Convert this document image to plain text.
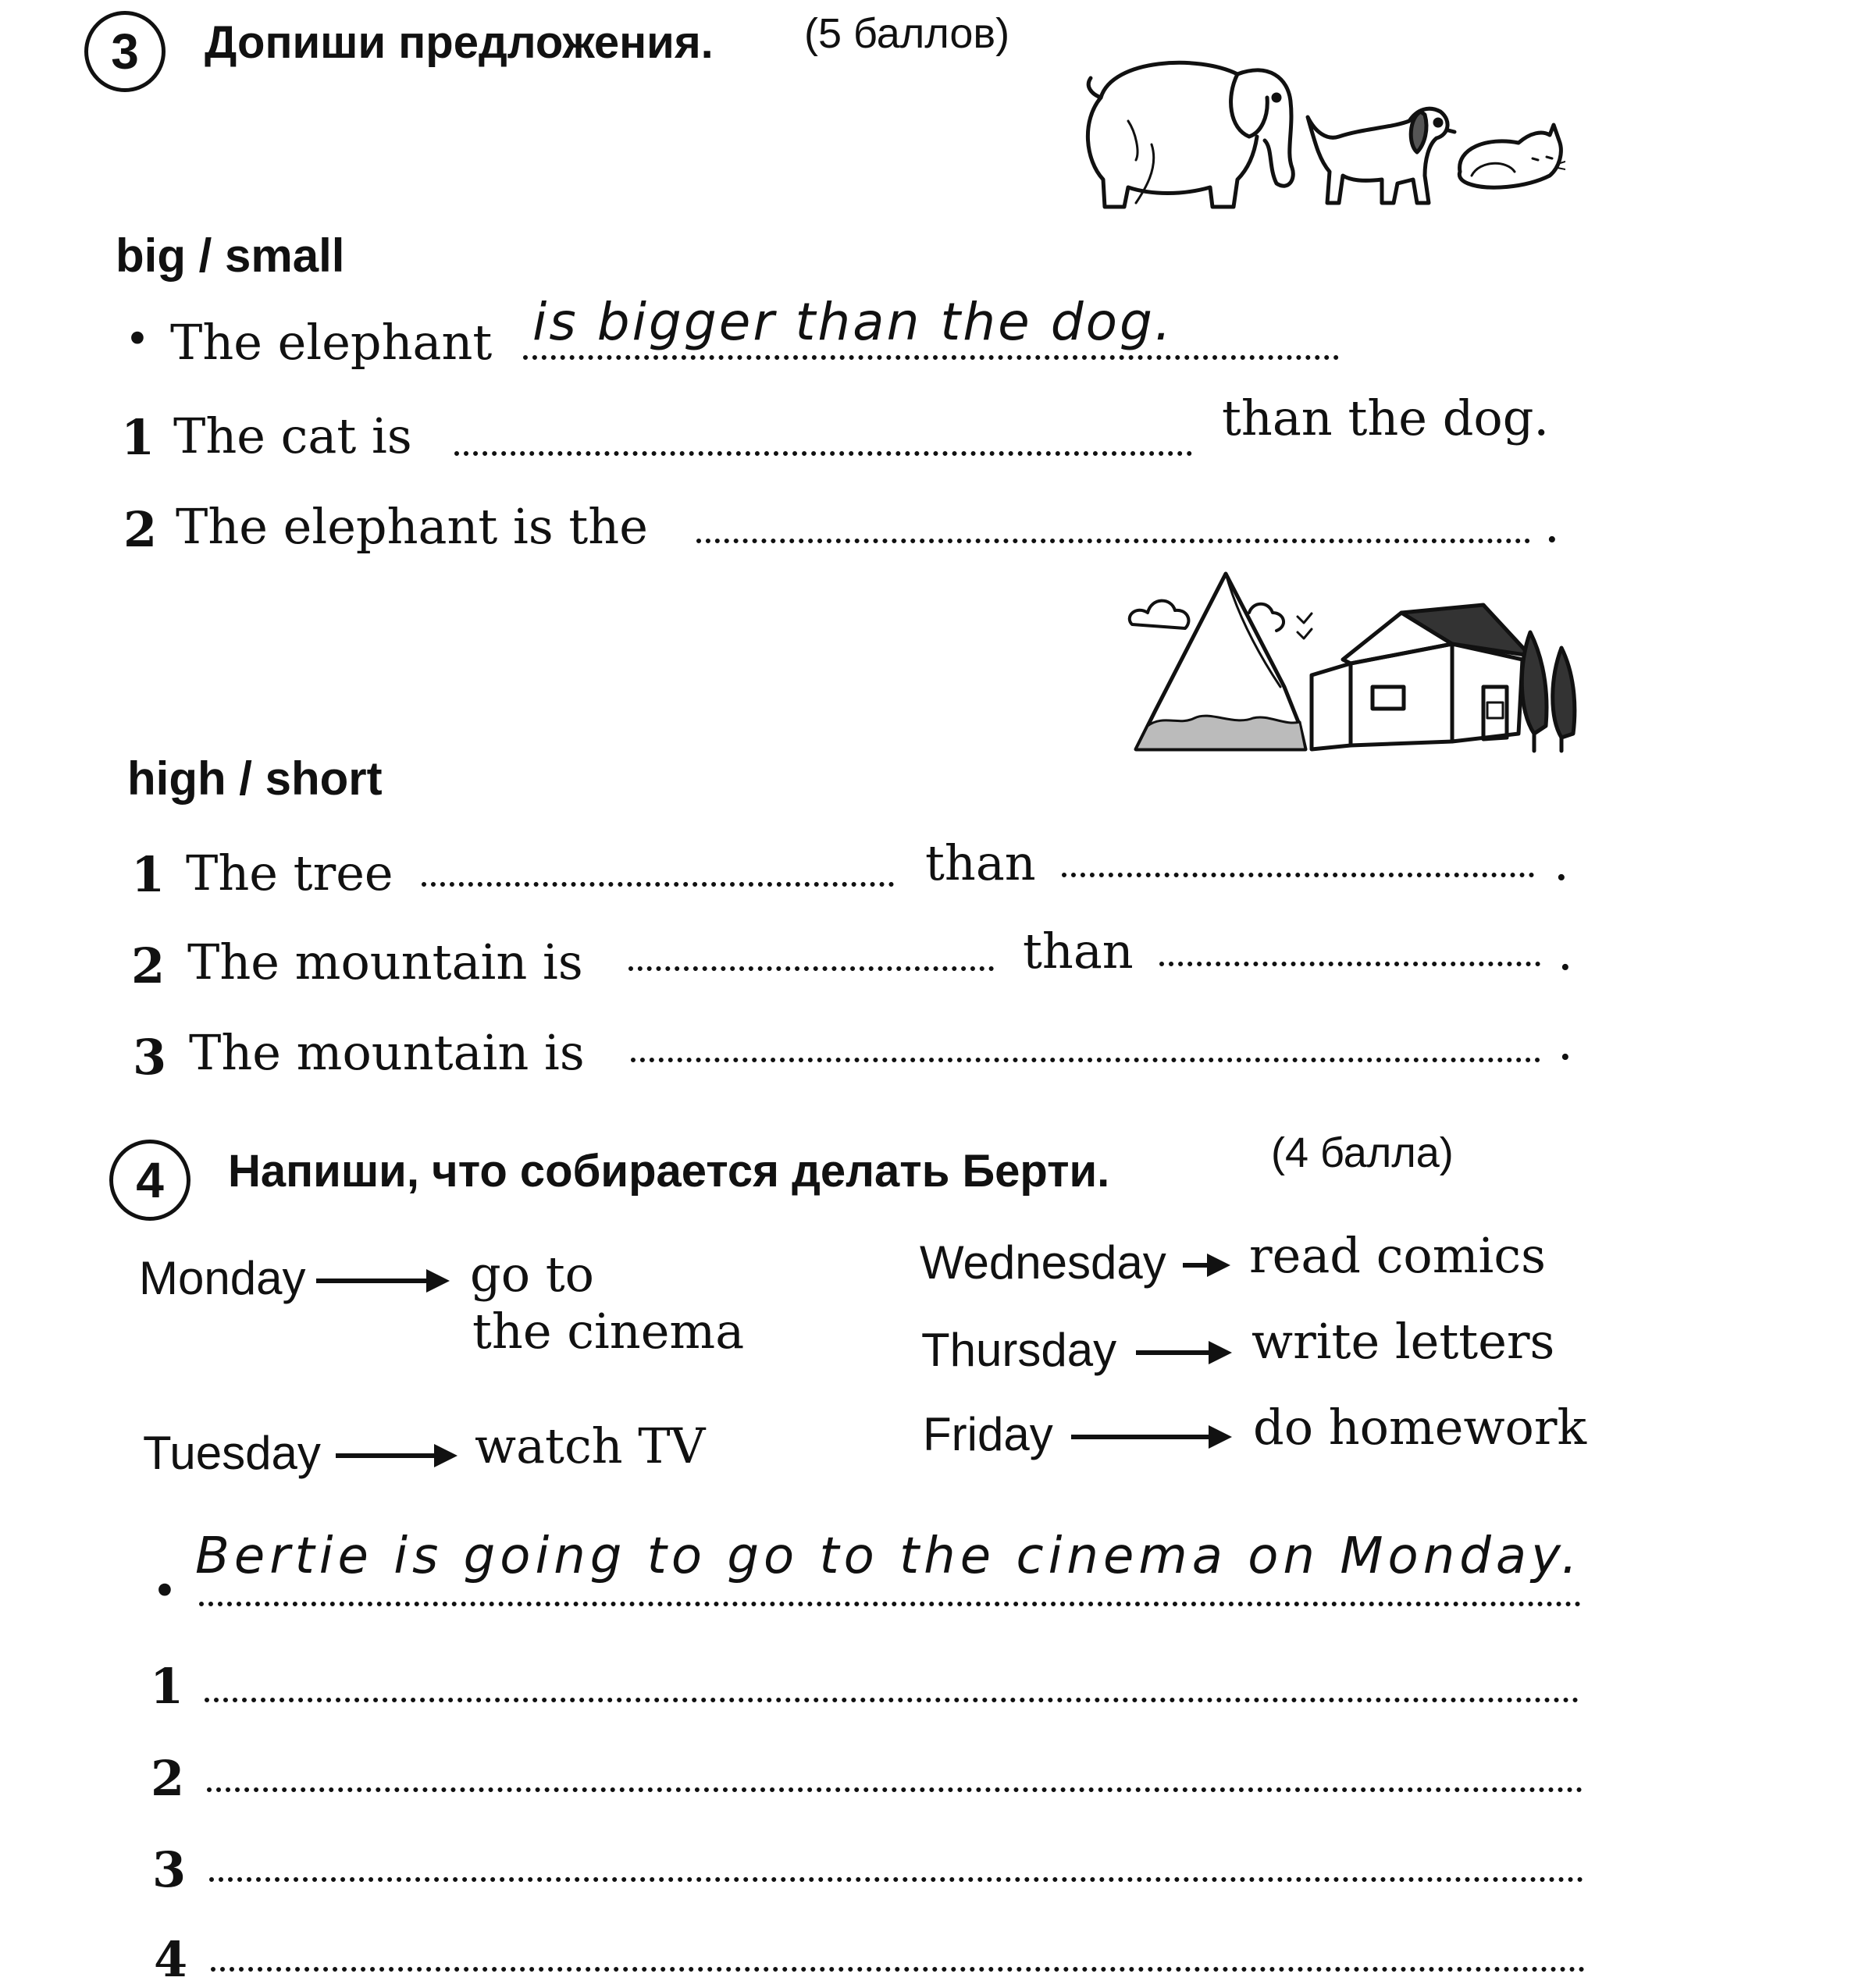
3 Допиши предложения. (5 баллов)
big / small
• The elephant is bigger than the dog.
1 The cat is	than the dog.
2 The elephant is the	.
high / short
1 The tree	than	.
2 The mountain is	than	.
3 The mountain is	.
4 Напиши, что собирается делать Берти.	(4 балла)
Monday	go to
the cinema
Tuesday	watch TV
Wednesday read comics
Thursday	write letters
Friday	do homework
•
Bertie is going to go to the cinema on Monday.
1
2
3
4
